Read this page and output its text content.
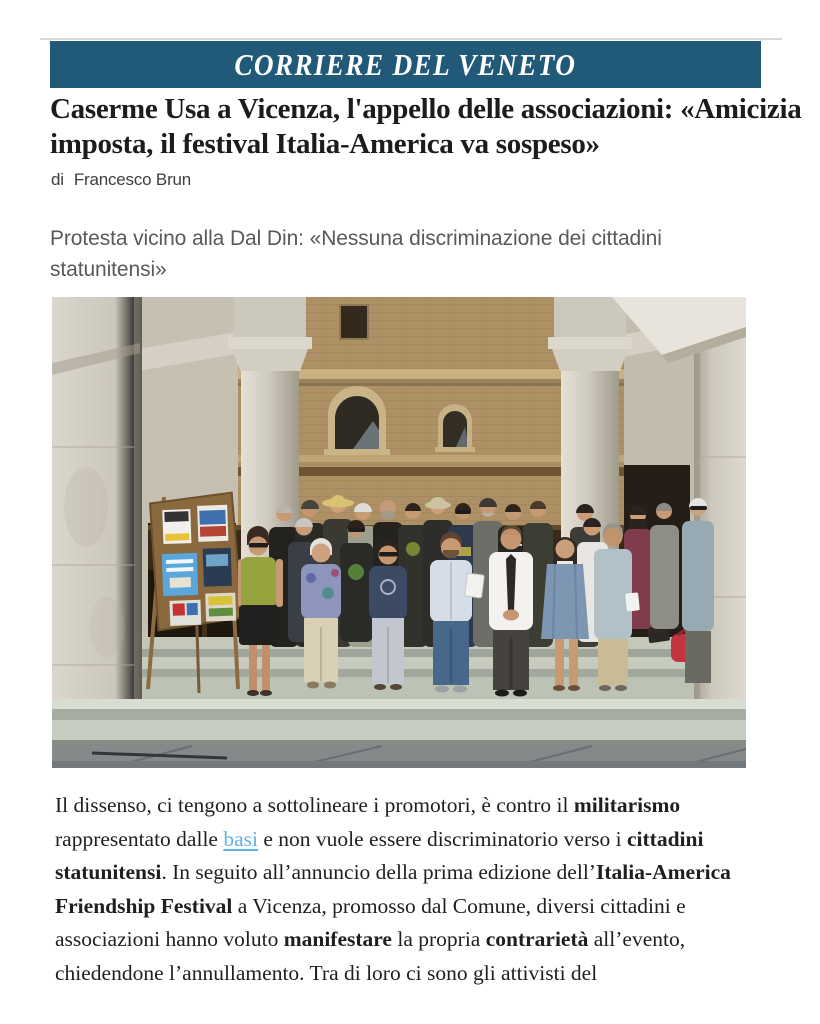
CORRIERE DEL VENETO
Caserme Usa a Vicenza, l'appello delle associazioni: «Amicizia
imposta, il festival Italia-America va sospeso»
di Francesco Brun
Protesta vicino alla Dal Din: «Nessuna discriminazione dei cittadini
statunitensi»

Il dissenso, ci tengono a sottolineare i promotori, è contro il militarismo rappresentato dalle basi e non vuole essere discriminatorio verso i cittadini statunitensi. In seguito all’annuncio della prima edizione dell’Italia-America Friendship Festival a Vicenza, promosso dal Comune, diversi cittadini e associazioni hanno voluto manifestare la propria contrarietà all’evento, chiedendone l’annullamento. Tra di loro ci sono gli attivisti del
